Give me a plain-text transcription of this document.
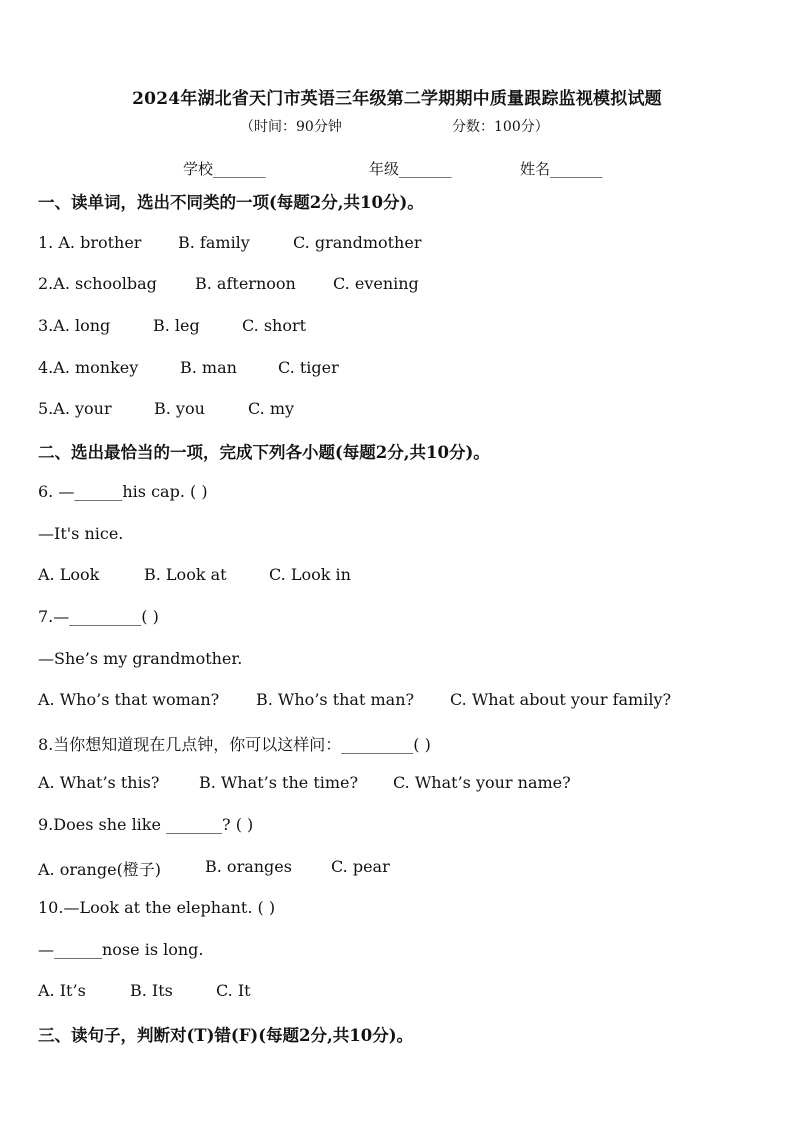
2024年湖北省天门市英语三年级第二学期期中质量跟踪监视模拟试题
（时间：90分钟	分数：100分）
学校_______	年级_______	姓名_______
一、读单词，选出不同类的一项(每题2分,共10分)。
1. A. brother B. family	C. grandmother
2.A. schoolbag B. afternoon C. evening
3.A. long	B. leg	C. short
4.A. monkey	B. man	C. tiger
5.A. your	B. you	C. my
二、选出最恰当的一项，完成下列各小题(每题2分,共10分)。
6. —______his cap. ( )
—It's nice.
A. Look	B. Look at	C. Look in
7.—_________( )
—She’s my grandmother.
A. Who’s that woman? B. Who’s that man? C. What about your family?
8.当你想知道现在几点钟，你可以这样问：_________( )
A. What’s this? B. What’s the time? C. What’s your name?
9.Does she like _______? ( )
A. orange(橙子)	B. oranges C. pear
10.—Look at the elephant. ( )
—______nose is long.
A. It’s	B. Its	C. It
三、读句子，判断对(T)错(F)(每题2分,共10分)。
